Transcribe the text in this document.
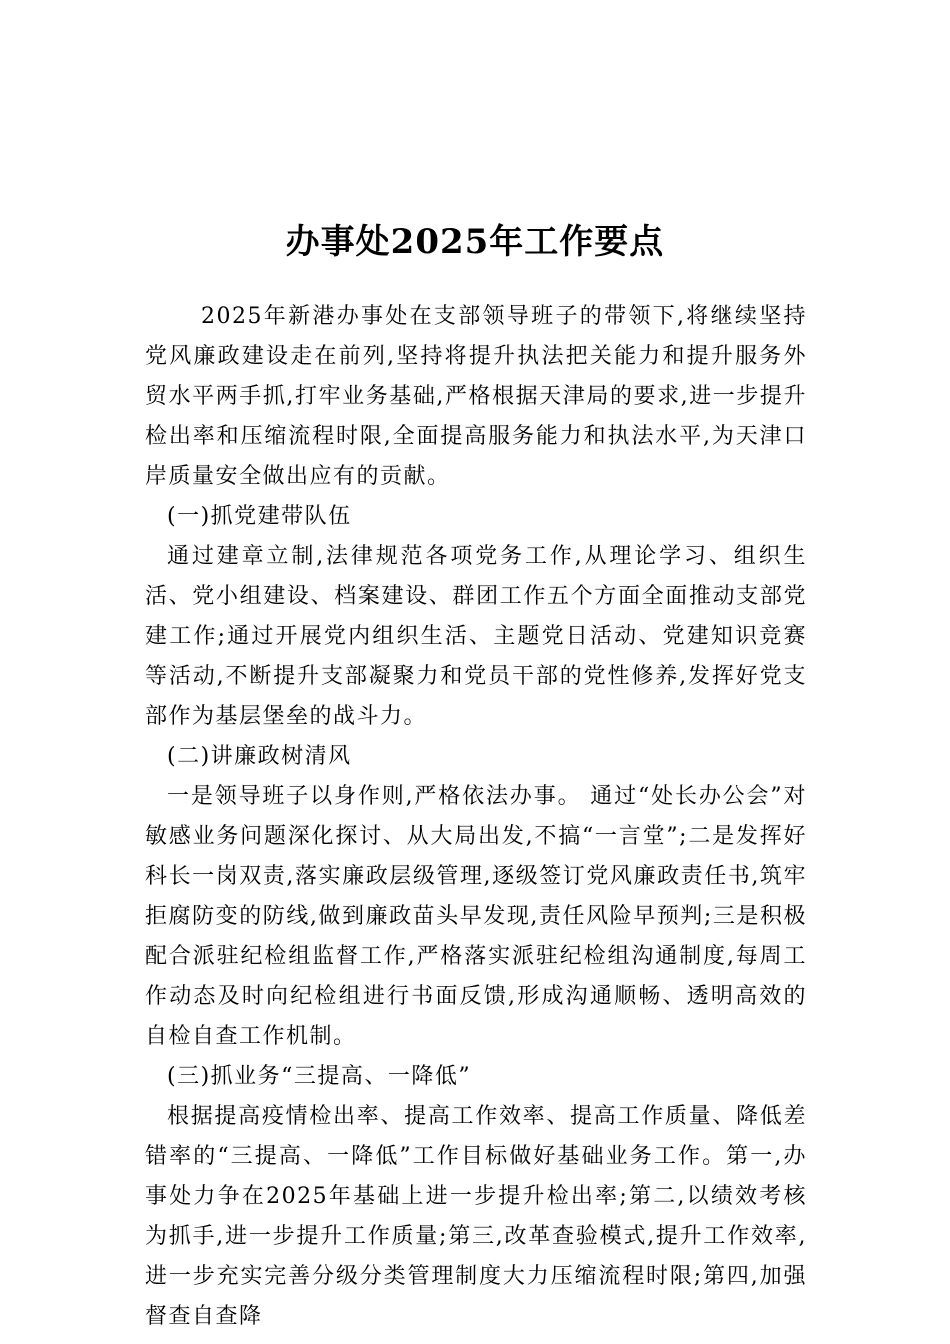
办事处2025年工作要点

2025年新港办事处在支部领导班子的带领下,将继续坚持党风廉政建设走在前列,坚持将提升执法把关能力和提升服务外贸水平两手抓,打牢业务基础,严格根据天津局的要求,进一步提升检出率和压缩流程时限,全面提高服务能力和执法水平,为天津口岸质量安全做出应有的贡献。

(一)抓党建带队伍

通过建章立制,法律规范各项党务工作,从理论学习、组织生活、党小组建设、档案建设、群团工作五个方面全面推动支部党建工作;通过开展党内组织生活、主题党日活动、党建知识竞赛等活动,不断提升支部凝聚力和党员干部的党性修养,发挥好党支部作为基层堡垒的战斗力。

(二)讲廉政树清风

一是领导班子以身作则,严格依法办事。 通过“处长办公会”对敏感业务问题深化探讨、从大局出发,不搞“一言堂”;二是发挥好科长一岗双责,落实廉政层级管理,逐级签订党风廉政责任书,筑牢拒腐防变的防线,做到廉政苗头早发现,责任风险早预判;三是积极配合派驻纪检组监督工作,严格落实派驻纪检组沟通制度,每周工作动态及时向纪检组进行书面反馈,形成沟通顺畅、透明高效的自检自查工作机制。

(三)抓业务“三提高、一降低”

根据提高疫情检出率、提高工作效率、提高工作质量、降低差错率的“三提高、一降低”工作目标做好基础业务工作。第一,办事处力争在2025年基础上进一步提升检出率;第二,以绩效考核为抓手,进一步提升工作质量;第三,改革查验模式,提升工作效率,进一步充实完善分级分类管理制度大力压缩流程时限;第四,加强督查自查降
